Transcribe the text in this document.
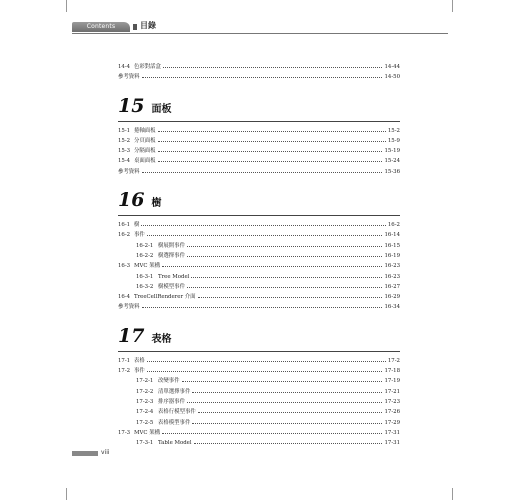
Contents	目錄
14-4 色彩對話盒	14-44
參考資料	14-50
15 面板
15-1 捲軸面板	15-2
15-2 分頁面板	15-9
15-3 分隔面板	15-19
15-4 桌面面板	15-24
參考資料	15-36
16 樹
16-1 樹	16-2
16-2 事件	16-14
16-2-1 樹展開事件	16-15
16-2-2 樹選擇事件	16-19
16-3 MVC 架構	16-23
16-3-1 Tree Model	16-23
16-3-2 樹模型事件	16-27
16-4 TreeCellRenderer 介面	16-29
參考資料	16-34
17 表格
17-1 表格	17-2
17-2 事件	17-18
17-2-1 改變事件	17-19
17-2-2 清單選擇事件	17-21
17-2-3 排序器事件	17-23
17-2-4 表格行模型事件	17-26
17-2-5 表格模型事件	17-29
17-3 MVC 架構	17-31
17-3-1 Table Model	17-31
viii
